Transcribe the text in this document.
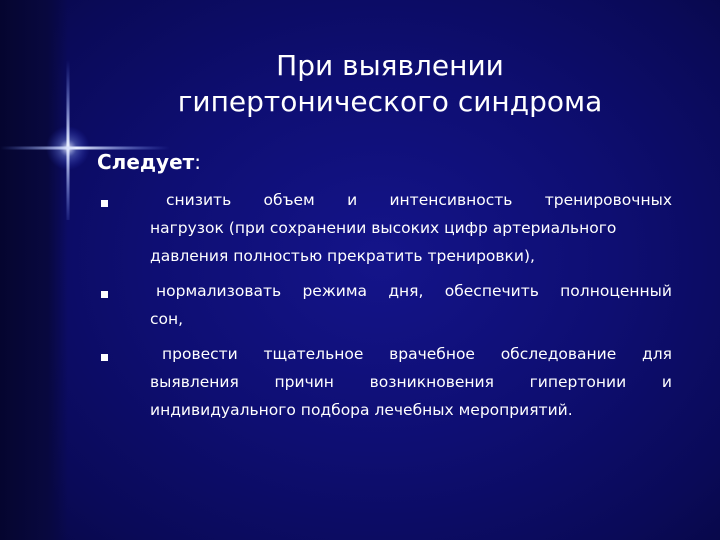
При выявлении
гипертонического синдрома
Следует:
снизить объем и интенсивность тренировочных
нагрузок (при сохранении высоких цифр артериального
давления полностью прекратить тренировки),
нормализовать режима дня, обеспечить полноценный
сон,
провести тщательное врачебное обследование для
выявления причин возникновения гипертонии и
индивидуального подбора лечебных мероприятий.
